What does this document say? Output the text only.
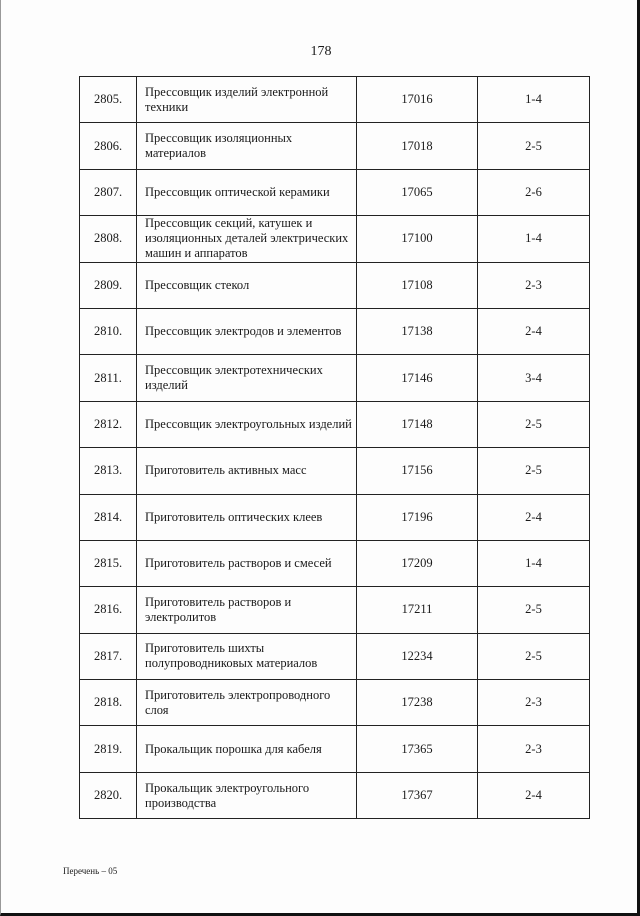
178
2805.	Прессовщик изделий электронной техники	17016	1-4
2806.	Прессовщик изоляционных материалов	17018	2-5
2807.	Прессовщик оптической керамики	17065	2-6
2808.	Прессовщик секций, катушек и изоляционных деталей электрических машин и аппаратов	17100	1-4
2809.	Прессовщик стекол	17108	2-3
2810.	Прессовщик электродов и элементов	17138	2-4
2811.	Прессовщик электротехнических изделий	17146	3-4
2812.	Прессовщик электроугольных изделий	17148	2-5
2813.	Приготовитель активных масс	17156	2-5
2814.	Приготовитель оптических клеев	17196	2-4
2815.	Приготовитель растворов и смесей	17209	1-4
2816.	Приготовитель растворов и электролитов	17211	2-5
2817.	Приготовитель шихты полупроводниковых материалов	12234	2-5
2818.	Приготовитель электропроводного слоя	17238	2-3
2819.	Прокальщик порошка для кабеля	17365	2-3
2820.	Прокальщик электроугольного производства	17367	2-4
Перечень – 05
